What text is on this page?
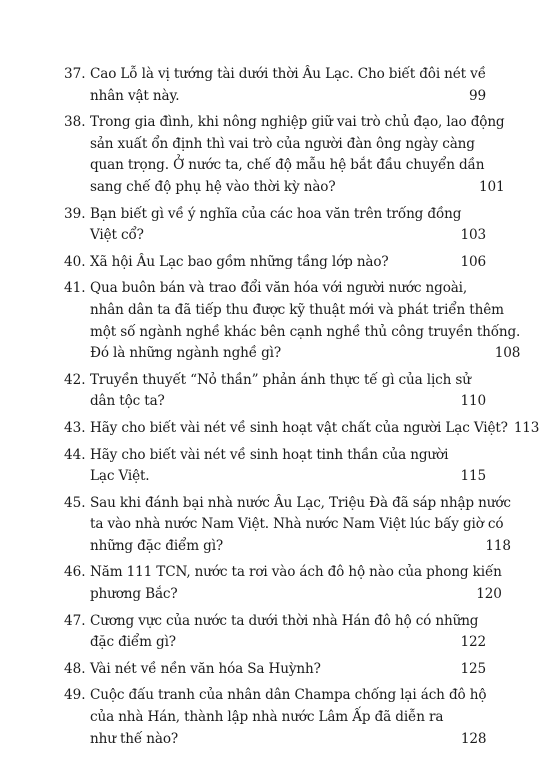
37. Cao Lỗ là vị tướng tài dưới thời Âu Lạc. Cho biết đôi nét về
nhân vật này.	99
38. Trong gia đình, khi nông nghiệp giữ vai trò chủ đạo, lao động
sản xuất ổn định thì vai trò của người đàn ông ngày càng
quan trọng. Ở nước ta, chế độ mẫu hệ bắt đầu chuyển dần
sang chế độ phụ hệ vào thời kỳ nào?	101
39. Bạn biết gì về ý nghĩa của các hoa văn trên trống đồng
Việt cổ?	103
40. Xã hội Âu Lạc bao gồm những tầng lớp nào?	106
41. Qua buôn bán và trao đổi văn hóa với người nước ngoài,
nhân dân ta đã tiếp thu được kỹ thuật mới và phát triển thêm
một số ngành nghề khác bên cạnh nghề thủ công truyền thống.
Đó là những ngành nghề gì?	108
42. Truyền thuyết “Nỏ thần” phản ánh thực tế gì của lịch sử
dân tộc ta?	110
43. Hãy cho biết vài nét về sinh hoạt vật chất của người Lạc Việt? 113
44. Hãy cho biết vài nét về sinh hoạt tinh thần của người
Lạc Việt.	115
45. Sau khi đánh bại nhà nước Âu Lạc, Triệu Đà đã sáp nhập nước
ta vào nhà nước Nam Việt. Nhà nước Nam Việt lúc bấy giờ có
những đặc điểm gì?	118
46. Năm 111 TCN, nước ta rơi vào ách đô hộ nào của phong kiến
phương Bắc?	120
47. Cương vực của nước ta dưới thời nhà Hán đô hộ có những
đặc điểm gì?	122
48. Vài nét về nền văn hóa Sa Huỳnh?	125
49. Cuộc đấu tranh của nhân dân Champa chống lại ách đô hộ
của nhà Hán, thành lập nhà nước Lâm Ấp đã diễn ra
như thế nào?	128
